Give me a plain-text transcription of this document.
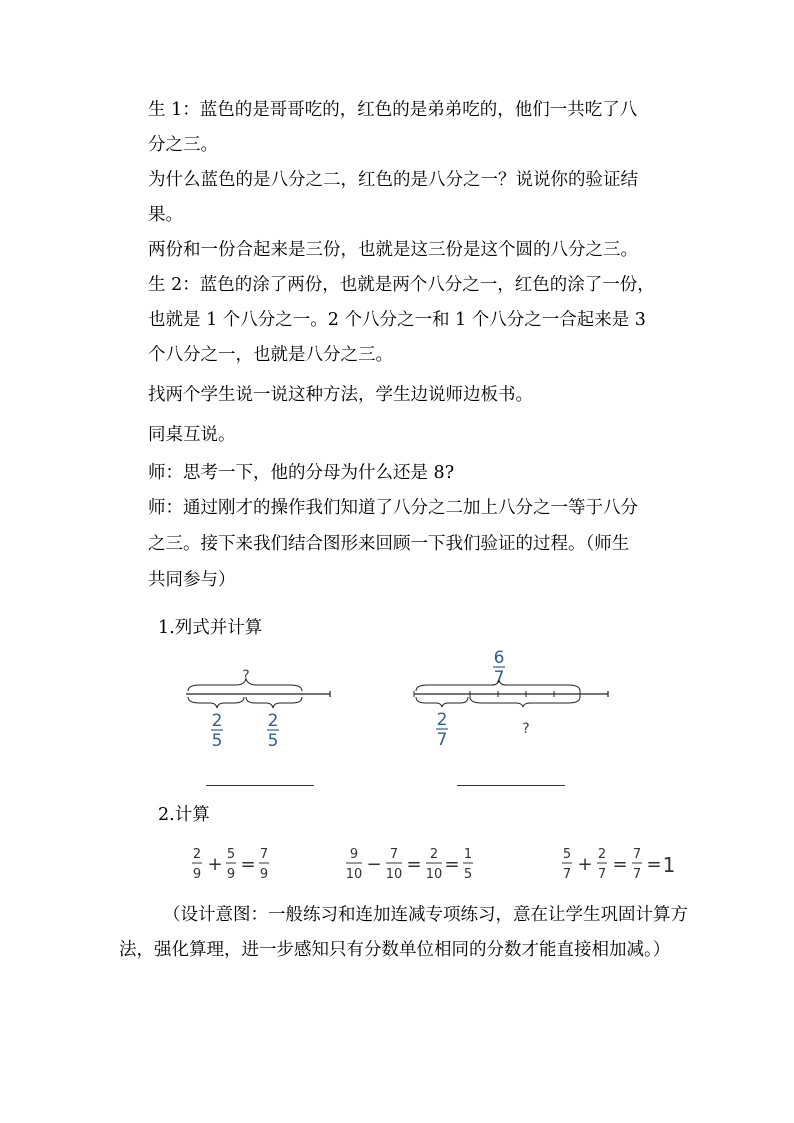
生 1：蓝色的是哥哥吃的，红色的是弟弟吃的，他们一共吃了八
分之三。
为什么蓝色的是八分之二，红色的是八分之一？说说你的验证结
果。
两份和一份合起来是三份，也就是这三份是这个圆的八分之三。
生 2：蓝色的涂了两份，也就是两个八分之一，红色的涂了一份，
也就是 1 个八分之一。2 个八分之一和 1 个八分之一合起来是 3
个八分之一，也就是八分之三。
找两个学生说一说这种方法，学生边说师边板书。
同桌互说。
师：思考一下，他的分母为什么还是 8?
师：通过刚才的操作我们知道了八分之二加上八分之一等于八分
之三。接下来我们结合图形来回顾一下我们验证的过程。（师生
共同参与）
1.列式并计算
?
2
5
2
5
6
7
2
7
?
2.计算
2
9 + 5
9 = 7
9
9
10 − 7
10 = 2
10 = 1
5
5
7 + 2
7 = 7
7 = 1
（设计意图：一般练习和连加连减专项练习，意在让学生巩固计算方法，强化算理，进一步感知只有分数单位相同的分数才能直接相加减。）
